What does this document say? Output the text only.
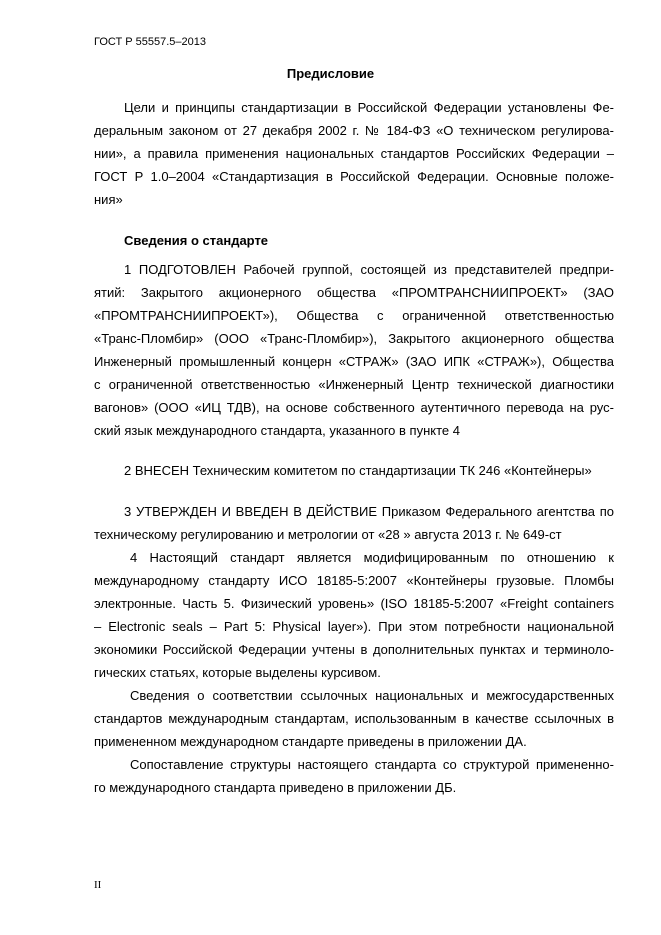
ГОСТ Р 55557.5–2013
Предисловие
Цели и принципы стандартизации в Российской Федерации установлены Фе-
деральным законом от 27 декабря 2002 г. № 184-ФЗ «О техническом регулирова-
нии», а правила применения национальных стандартов Российских Федерации –
ГОСТ Р 1.0–2004 «Стандартизация в Российской Федерации. Основные положе-
ния»
Сведения о стандарте
1 ПОДГОТОВЛЕН Рабочей группой, состоящей из представителей предпри-
ятий: Закрытого акционерного общества «ПРОМТРАНСНИИПРОЕКТ» (ЗАО
«ПРОМТРАНСНИИПРОЕКТ»), Общества с ограниченной ответственностью
«Транс-Пломбир» (ООО «Транс-Пломбир»), Закрытого акционерного общества
Инженерный промышленный концерн «СТРАЖ» (ЗАО ИПК «СТРАЖ»), Общества
с ограниченной ответственностью «Инженерный Центр технической диагностики
вагонов» (ООО «ИЦ ТДВ), на основе собственного аутентичного перевода на рус-
ский язык международного стандарта, указанного в пункте 4
2 ВНЕСЕН Техническим комитетом по стандартизации ТК 246 «Контейнеры»
3 УТВЕРЖДЕН И ВВЕДЕН В ДЕЙСТВИЕ Приказом Федерального агентства по
техническому регулированию и метрологии от «28 » августа 2013 г. № 649-ст
4 Настоящий стандарт является модифицированным по отношению к
международному стандарту ИСО 18185-5:2007 «Контейнеры грузовые. Пломбы
электронные. Часть 5. Физический уровень» (ISO 18185-5:2007 «Freight containers
– Electronic seals – Part 5: Physical layer»). При этом потребности национальной
экономики Российской Федерации учтены в дополнительных пунктах и терминоло-
гических статьях, которые выделены курсивом.
Сведения о соответствии ссылочных национальных и межгосударственных
стандартов международным стандартам, использованным в качестве ссылочных в
примененном международном стандарте приведены в приложении ДА.
Сопоставление структуры настоящего стандарта со структурой примененно-
го международного стандарта приведено в приложении ДБ.
II
